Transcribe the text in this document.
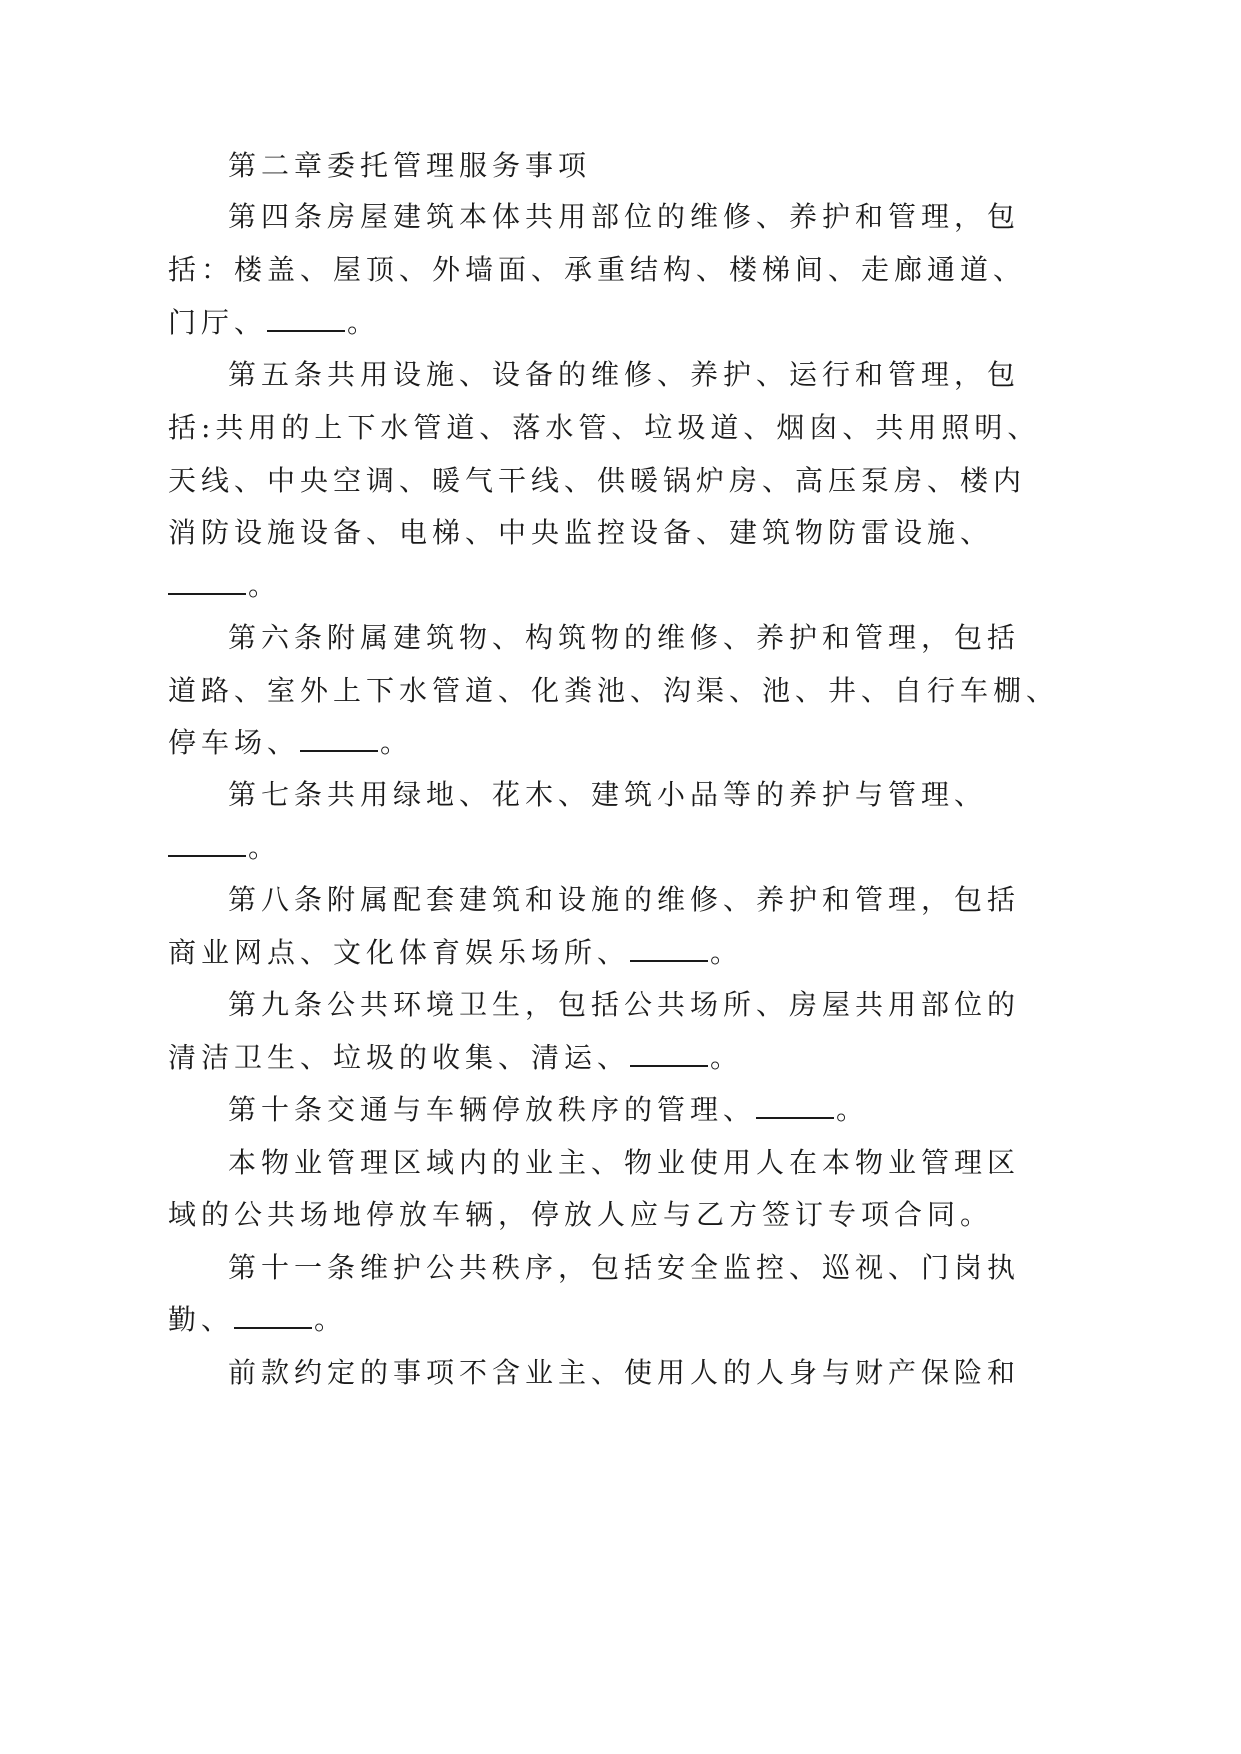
第二章委托管理服务事项
第四条房屋建筑本体共用部位的维修、养护和管理，包
括：楼盖、屋顶、外墙面、承重结构、楼梯间、走廊通道、
门厅、	。
第五条共用设施、设备的维修、养护、运行和管理，包
括:共用的上下水管道、落水管、垃圾道、烟囱、共用照明、
天线、中央空调、暖气干线、供暖锅炉房、高压泵房、楼内
消防设施设备、电梯、中央监控设备、建筑物防雷设施、
。
第六条附属建筑物、构筑物的维修、养护和管理，包括
道路、室外上下水管道、化粪池、沟渠、池、井、自行车棚、
停车场、	。
第七条共用绿地、花木、建筑小品等的养护与管理、
。
第八条附属配套建筑和设施的维修、养护和管理，包括
商业网点、文化体育娱乐场所、	。
第九条公共环境卫生，包括公共场所、房屋共用部位的
清洁卫生、垃圾的收集、清运、	。
第十条交通与车辆停放秩序的管理、	。
本物业管理区域内的业主、物业使用人在本物业管理区
域的公共场地停放车辆，停放人应与乙方签订专项合同。
第十一条维护公共秩序，包括安全监控、巡视、门岗执
勤、	。
前款约定的事项不含业主、使用人的人身与财产保险和
